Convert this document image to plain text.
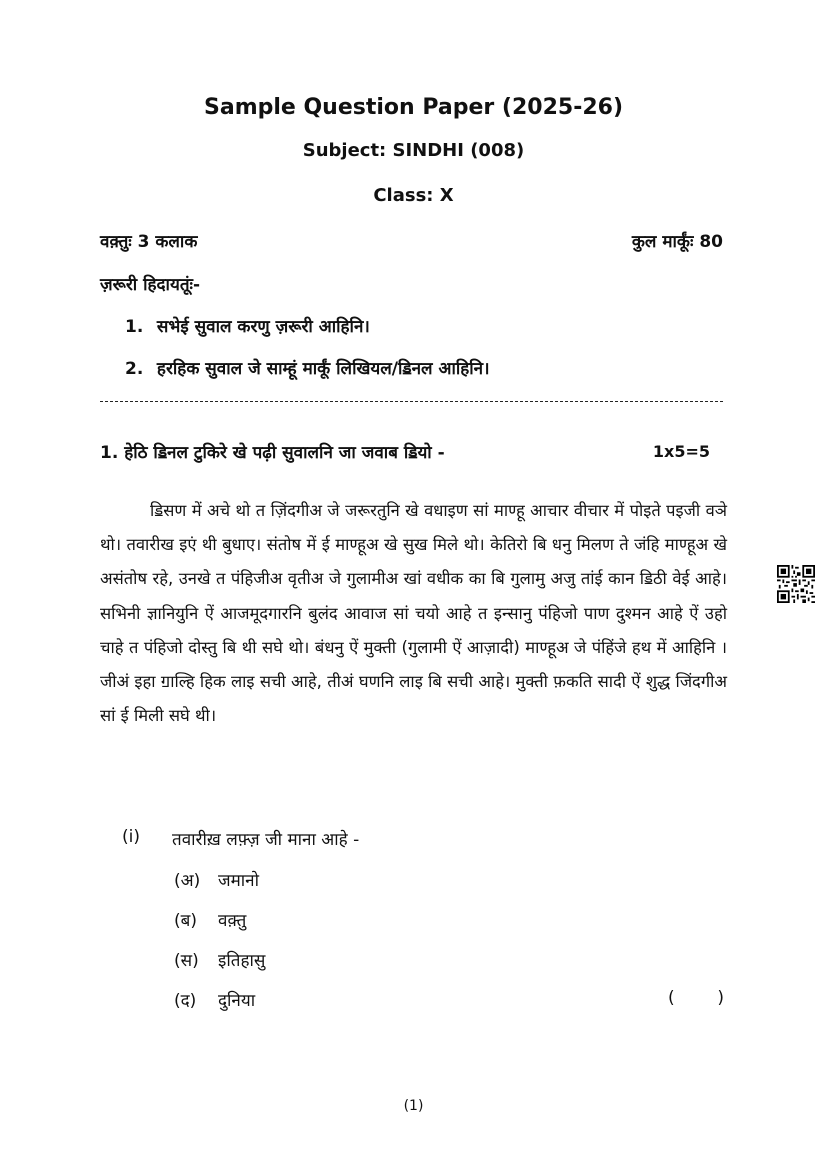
Sample Question Paper (2025-26)
Subject: SINDHI (008)
Class: X
वक़्तुः 3 कलाक	कुल मार्कूंः 80
ज़रूरी हिदायतूंः-
1. सभेई सुवाल करणु ज़रूरी आहिनि।
2. हरहिक सुवाल जे साम्हूं मार्कूं लिखियल/ॾिनल आहिनि।
1. हेठि ॾिनल टुकिरे खे पढ़ी सुवालनि जा जवाब ॾियो -	1x5=5
ॾिसण में अचे थो त ज़िंदगीअ जे जरूरतुनि खे वधाइण सां माण्हू आचार वीचार में पोइते पइजी वञे थो। तवारीख इएं थी बुधाए। संतोष में ई माण्हूअ खे सुख मिले थो। केतिरो बि धनु मिलण ते जंहि माण्हूअ खे असंतोष रहे, उनखे त पंहिजीअ वृतीअ जे गुलामीअ खां वधीक का बि गुलामु अजु तांई कान ॾिठी वेई आहे। सभिनी ज्ञानियुनि ऐं आजमूदगारनि बुलंद आवाज सां चयो आहे त इन्सानु पंहिजो पाण दुश्मन आहे ऐं उहो चाहे त पंहिजो दोस्तु बि थी सघे थो। बंधनु ऐं मुक्ती (गुलामी ऐं आज़ादी) माण्हूअ जे पंहिंजे हथ में आहिनि । जीअं इहा ॻाल्हि हिक लाइ सची आहे, तीअं घणनि लाइ बि सची आहे। मुक्ती फ़कति सादी ऐं शुद्ध जिंदगीअ सां ई मिली सघे थी।
(i) तवारीख़ लफ़्ज़ जी माना आहे -
(अ) जमानो
(ब) वक़्तु
(स) इतिहासु
(द) दुनिया	(	)
(1)
